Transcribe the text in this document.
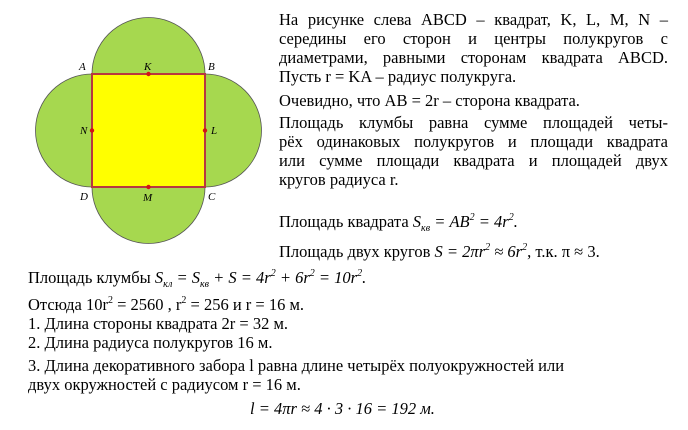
A	B
C
D
K
L
M
N
На рисунке слева ABCD – квадрат, K, L, M, N –
середины его сторон и центры полукругов с
диаметрами, равными сторонам квадрата ABCD.
Пусть r = KA – радиус полукруга.
Очевидно, что AB = 2r – сторона квадрата.
Площадь клумбы равна сумме площадей четы-
рёх одинаковых полукругов и площади квадрата
или сумме площади квадрата и площадей двух
кругов радиуса r.
Площадь квадрата $S_{кв} = AB^2 = 4r^2$.
Площадь двух кругов $S = 2\pi r^2 \approx 6r^2$, т.к. π ≈ 3.
Площадь клумбы $S_{кл} = S_{кв} + S = 4r^2 + 6r^2 = 10r^2$.
Отсюда $10r^2 = 2560$ , $r^2 = 256$ и r = 16 м.
1. Длина стороны квадрата 2r = 32 м.
2. Длина радиуса полукругов 16 м.
3. Длина декоративного забора l равна длине четырёх полуокружностей или
двух окружностей с радиусом r = 16 м.
l = 4πr ≈ 4 · 3 · 16 = 192 м.
